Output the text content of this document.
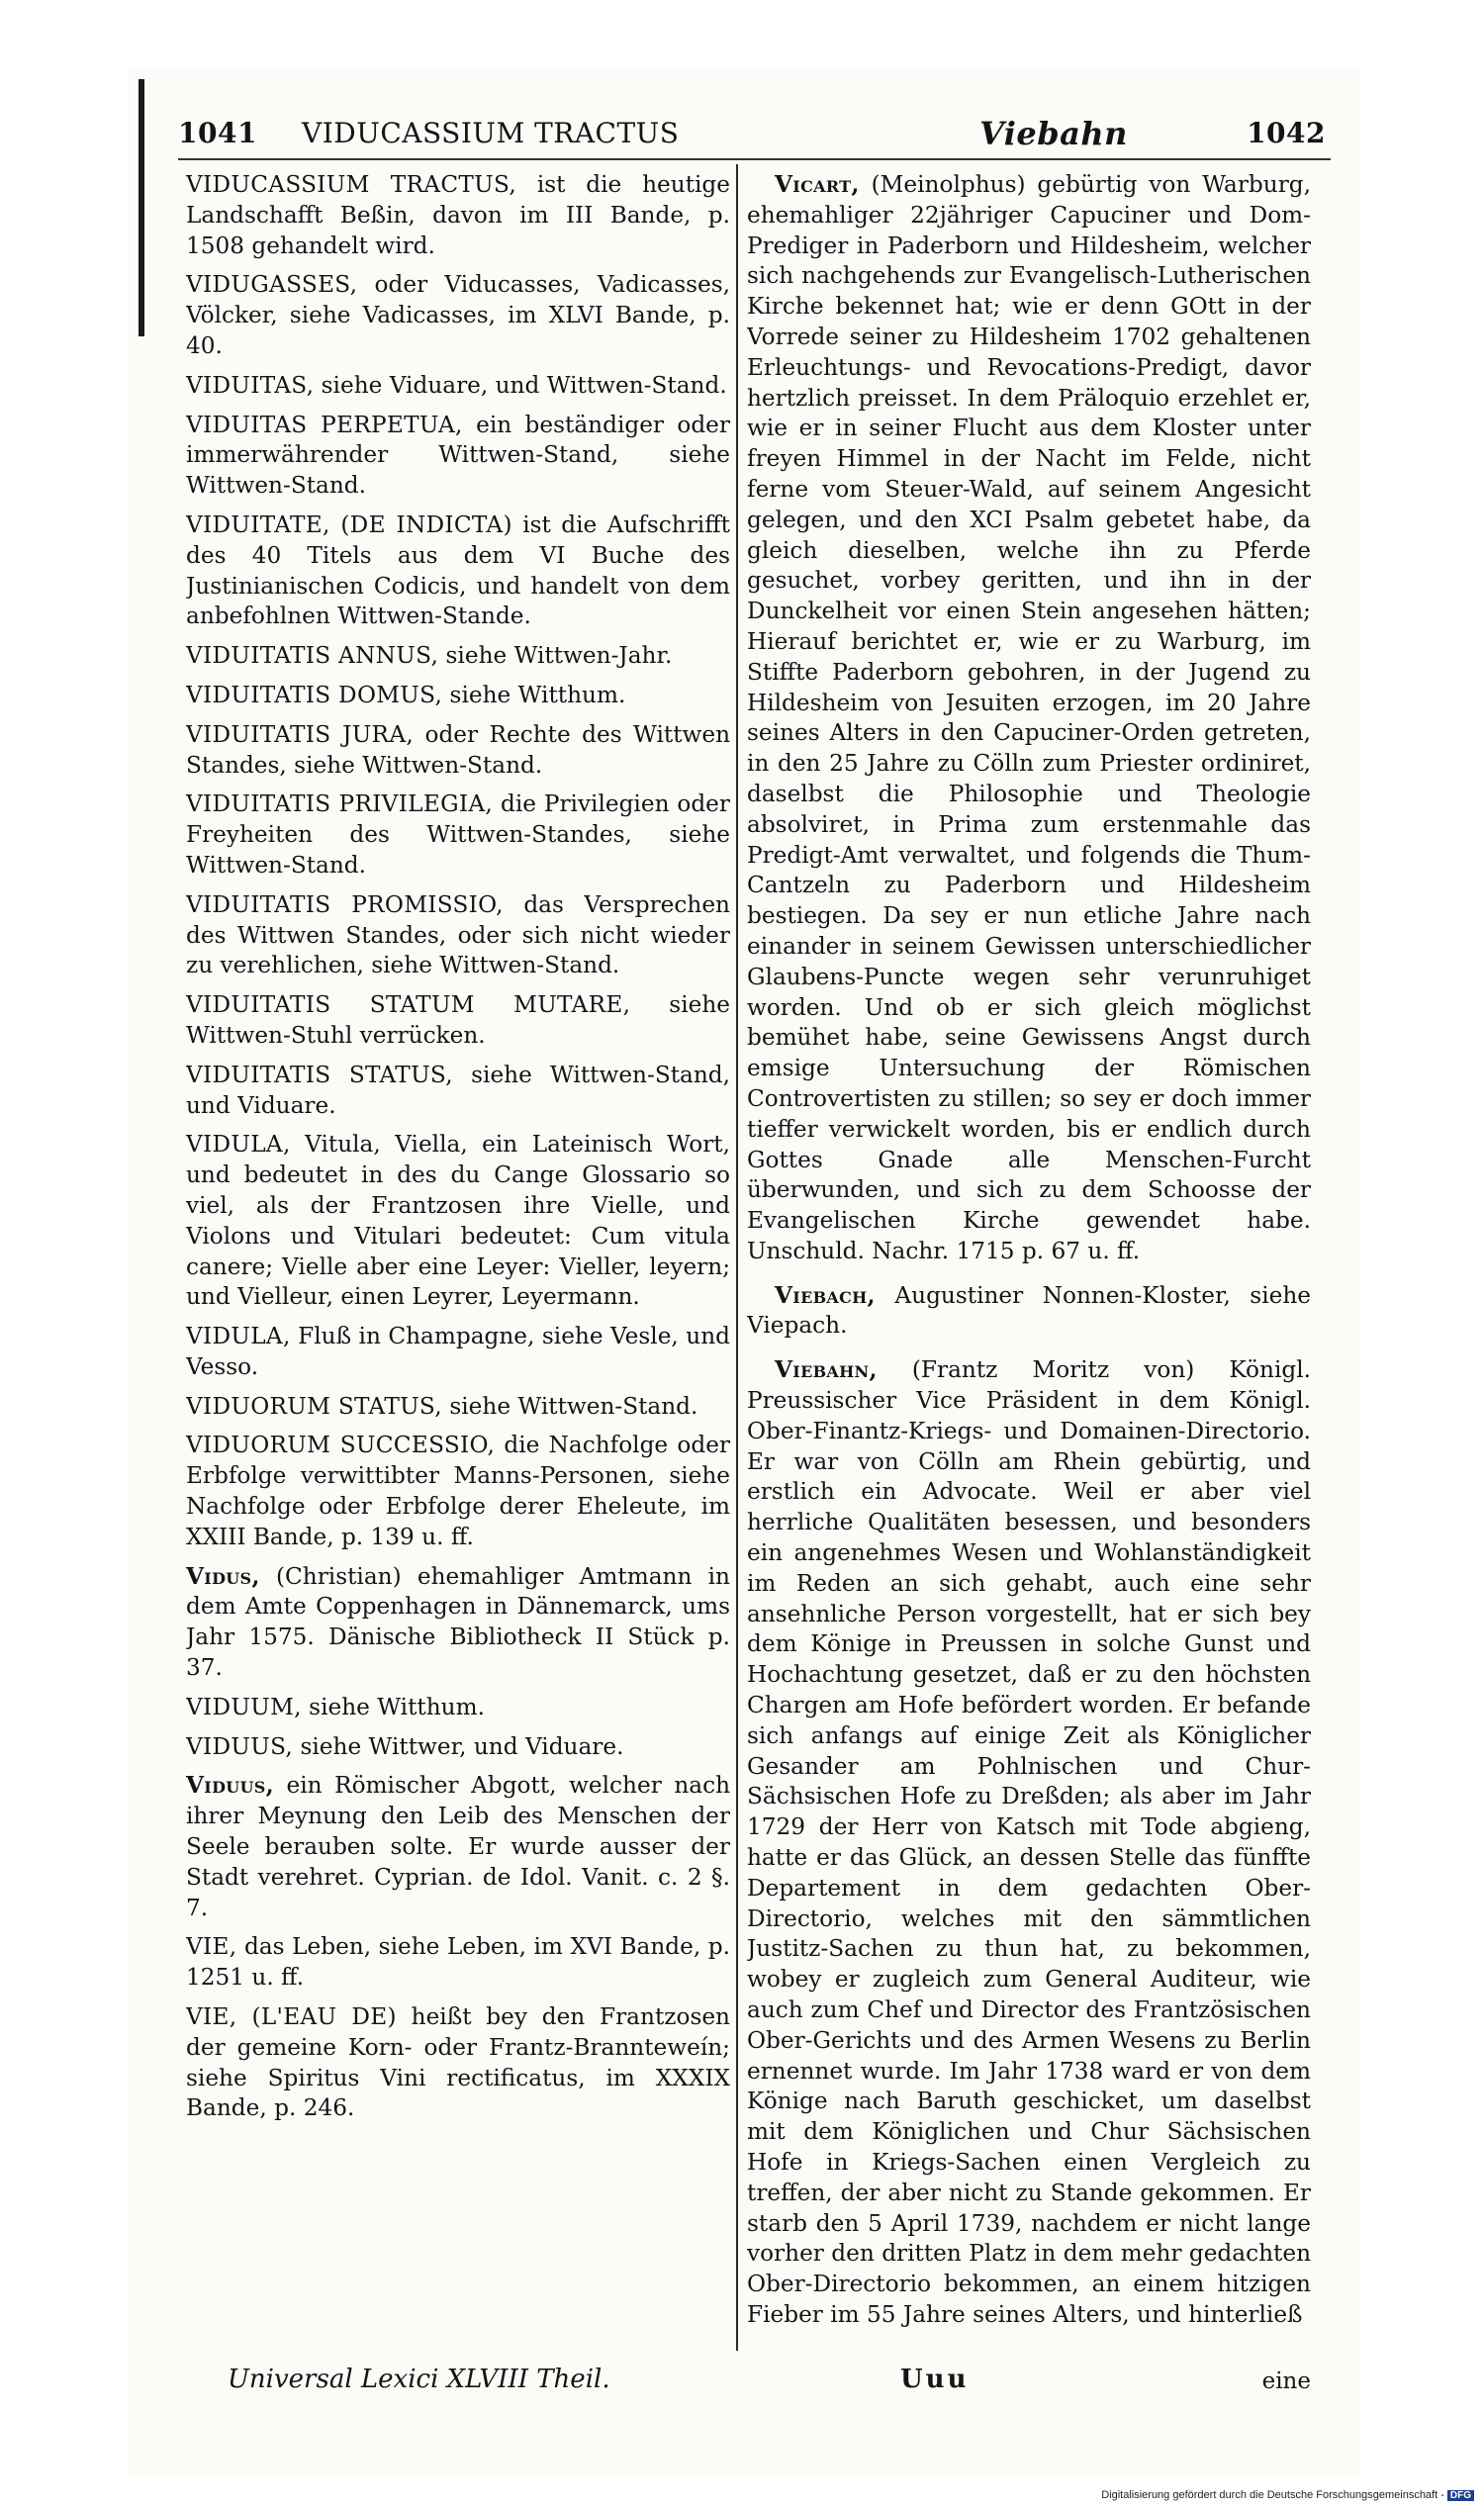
1041 VIDUCASSIUM TRACTUS	Viebahn	1042

VIDUCASSIUM TRACTUS, ist die heutige Landschafft Beßin, davon im III Bande, p. 1508 gehandelt wird.

VIDUGASSES, oder Viducasses, Vadicasses, Völcker, siehe Vadicasses, im XLVI Bande, p. 40.

VIDUITAS, siehe Viduare, und Wittwen-Stand.

VIDUITAS PERPETUA, ein beständiger oder immerwährender Wittwen-Stand, siehe Wittwen-Stand.

VIDUITATE, (DE INDICTA) ist die Aufschrifft des 40 Titels aus dem VI Buche des Justinianischen Codicis, und handelt von dem anbefohlnen Wittwen-Stande.

VIDUITATIS ANNUS, siehe Wittwen-Jahr.

VIDUITATIS DOMUS, siehe Witthum.

VIDUITATIS JURA, oder Rechte des Wittwen Standes, siehe Wittwen-Stand.

VIDUITATIS PRIVILEGIA, die Privilegien oder Freyheiten des Wittwen-Standes, siehe Wittwen-Stand.

VIDUITATIS PROMISSIO, das Versprechen des Wittwen Standes, oder sich nicht wieder zu verehlichen, siehe Wittwen-Stand.

VIDUITATIS STATUM MUTARE, siehe Wittwen-Stuhl verrücken.

VIDUITATIS STATUS, siehe Wittwen-Stand, und Viduare.

VIDULA, Vitula, Viella, ein Lateinisch Wort, und bedeutet in des du Cange Glossario so viel, als der Frantzosen ihre Vielle, und Violons und Vitulari bedeutet: Cum vitula canere; Vielle aber eine Leyer: Vieller, leyern; und Vielleur, einen Leyrer, Leyermann.

VIDULA, Fluß in Champagne, siehe Vesle, und Vesso.

VIDUORUM STATUS, siehe Wittwen-Stand.

VIDUORUM SUCCESSIO, die Nachfolge oder Erbfolge verwittibter Manns-Personen, siehe Nachfolge oder Erbfolge derer Eheleute, im XXIII Bande, p. 139 u. ff.

Vidus, (Christian) ehemahliger Amtmann in dem Amte Coppenhagen in Dännemarck, ums Jahr 1575. Dänische Bibliotheck II Stück p. 37.

VIDUUM, siehe Witthum.

VIDUUS, siehe Wittwer, und Viduare.

Viduus, ein Römischer Abgott, welcher nach ihrer Meynung den Leib des Menschen der Seele berauben solte. Er wurde ausser der Stadt verehret. Cyprian. de Idol. Vanit. c. 2 §. 7.

VIE, das Leben, siehe Leben, im XVI Bande, p. 1251 u. ff.

VIE, (L'EAU DE) heißt bey den Frantzosen der gemeine Korn- oder Frantz-Brannteweín; siehe Spiritus Vini rectificatus, im XXXIX Bande, p. 246.

Vicart, (Meinolphus) gebürtig von Warburg, ehemahliger 22jähriger Capuciner und Dom-Prediger in Paderborn und Hildesheim, welcher sich nachgehends zur Evangelisch-Lutherischen Kirche bekennet hat; wie er denn GOtt in der Vorrede seiner zu Hildesheim 1702 gehaltenen Erleuchtungs- und Revocations-Predigt, davor hertzlich preisset. In dem Präloquio erzehlet er, wie er in seiner Flucht aus dem Kloster unter freyen Himmel in der Nacht im Felde, nicht ferne vom Steuer-Wald, auf seinem Angesicht gelegen, und den XCI Psalm gebetet habe, da gleich dieselben, welche ihn zu Pferde gesuchet, vorbey geritten, und ihn in der Dunckelheit vor einen Stein angesehen hätten; Hierauf berichtet er, wie er zu Warburg, im Stiffte Paderborn gebohren, in der Jugend zu Hildesheim von Jesuiten erzogen, im 20 Jahre seines Alters in den Capuciner-Orden getreten, in den 25 Jahre zu Cölln zum Priester ordiniret, daselbst die Philosophie und Theologie absolviret, in Prima zum erstenmahle das Predigt-Amt verwaltet, und folgends die Thum-Cantzeln zu Paderborn und Hildesheim bestiegen. Da sey er nun etliche Jahre nach einander in seinem Gewissen unterschiedlicher Glaubens-Puncte wegen sehr verunruhiget worden. Und ob er sich gleich möglichst bemühet habe, seine Gewissens Angst durch emsige Untersuchung der Römischen Controvertisten zu stillen; so sey er doch immer tieffer verwickelt worden, bis er endlich durch Gottes Gnade alle Menschen-Furcht überwunden, und sich zu dem Schoosse der Evangelischen Kirche gewendet habe. Unschuld. Nachr. 1715 p. 67 u. ff.

Viebach, Augustiner Nonnen-Kloster, siehe Viepach.

Viebahn, (Frantz Moritz von) Königl. Preussischer Vice Präsident in dem Königl. Ober-Finantz-Kriegs- und Domainen-Directorio. Er war von Cölln am Rhein gebürtig, und erstlich ein Advocate. Weil er aber viel herrliche Qualitäten besessen, und besonders ein angenehmes Wesen und Wohlanständigkeit im Reden an sich gehabt, auch eine sehr ansehnliche Person vorgestellt, hat er sich bey dem Könige in Preussen in solche Gunst und Hochachtung gesetzet, daß er zu den höchsten Chargen am Hofe befördert worden. Er befande sich anfangs auf einige Zeit als Königlicher Gesander am Pohlnischen und Chur-Sächsischen Hofe zu Dreßden; als aber im Jahr 1729 der Herr von Katsch mit Tode abgieng, hatte er das Glück, an dessen Stelle das fünffte Departement in dem gedachten Ober-Directorio, welches mit den sämmtlichen Justitz-Sachen zu thun hat, zu bekommen, wobey er zugleich zum General Auditeur, wie auch zum Chef und Director des Frantzösischen Ober-Gerichts und des Armen Wesens zu Berlin ernennet wurde. Im Jahr 1738 ward er von dem Könige nach Baruth geschicket, um daselbst mit dem Königlichen und Chur Sächsischen Hofe in Kriegs-Sachen einen Vergleich zu treffen, der aber nicht zu Stande gekommen. Er starb den 5 April 1739, nachdem er nicht lange vorher den dritten Platz in dem mehr gedachten Ober-Directorio bekommen, an einem hitzigen Fieber im 55 Jahre seines Alters, und hinterließ

Universal Lexici XLVIII Theil.	Uuu	eine
Digitalisierung gefördert durch die Deutsche Forschungsgemeinschaft - DFG
